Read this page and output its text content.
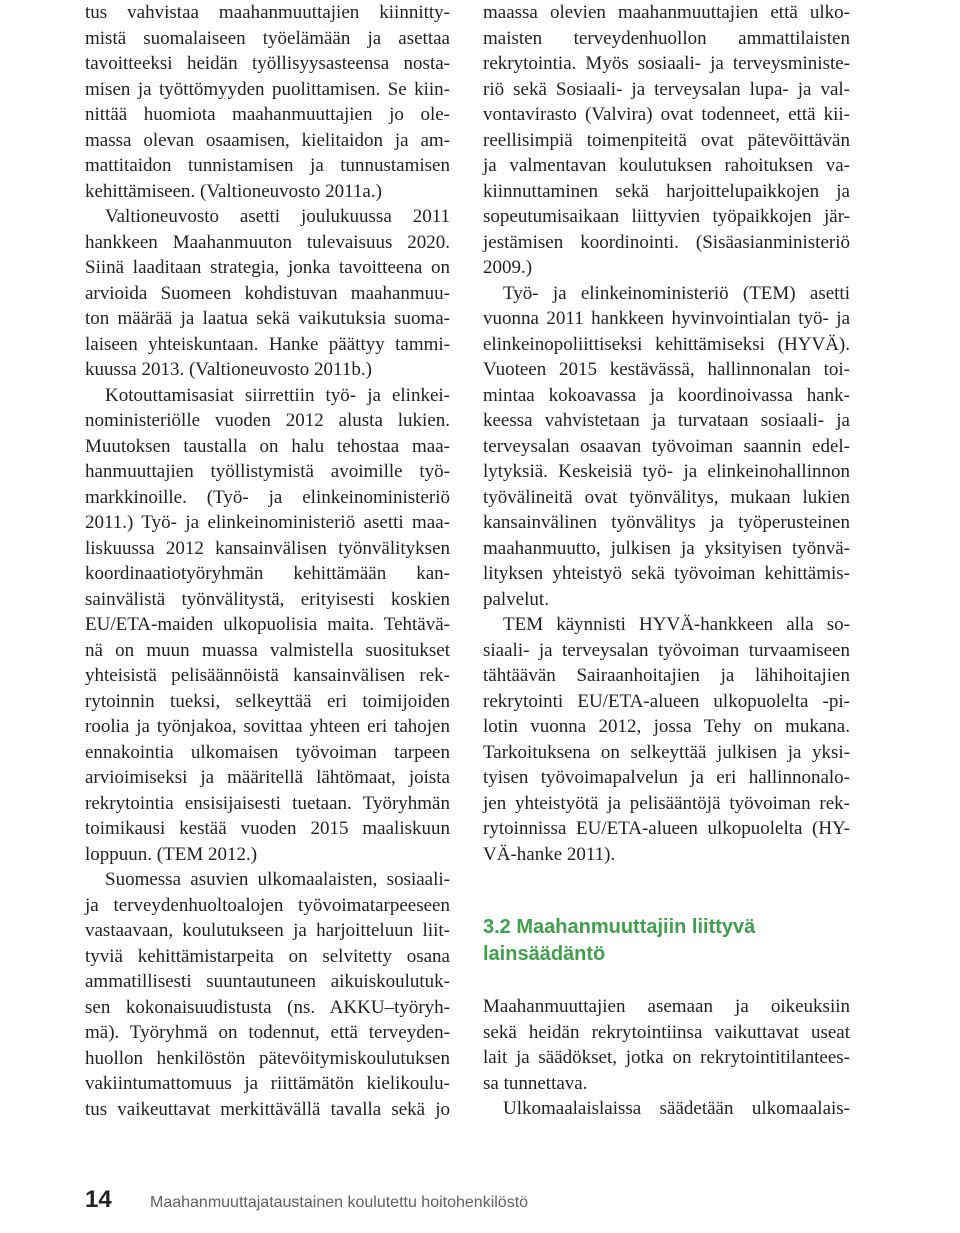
tus vahvistaa maahanmuuttajien kiinnitty-
mistä suomalaiseen työelämään ja asettaa
tavoitteeksi heidän työllisyysasteensa nosta-
misen ja työttömyyden puolittamisen. Se kiin-
nittää huomiota maahanmuuttajien jo ole-
massa olevan osaamisen, kielitaidon ja am-
mattitaidon tunnistamisen ja tunnustamisen
kehittämiseen. (Valtioneuvosto 2011a.)
Valtioneuvosto asetti joulukuussa 2011
hankkeen Maahanmuuton tulevaisuus 2020.
Siinä laaditaan strategia, jonka tavoitteena on
arvioida Suomeen kohdistuvan maahanmuu-
ton määrää ja laatua sekä vaikutuksia suoma-
laiseen yhteiskuntaan. Hanke päättyy tammi-
kuussa 2013. (Valtioneuvosto 2011b.)
Kotouttamisasiat siirrettiin työ- ja elinkei-
noministeriölle vuoden 2012 alusta lukien.
Muutoksen taustalla on halu tehostaa maa-
hanmuuttajien työllistymistä avoimille työ-
markkinoille. (Työ- ja elinkeinoministeriö
2011.) Työ- ja elinkeinoministeriö asetti maa-
liskuussa 2012 kansainvälisen työnvälityksen
koordinaatiotyöryhmän kehittämään kan-
sainvälistä työnvälitystä, erityisesti koskien
EU/ETA-maiden ulkopuolisia maita. Tehtävä-
nä on muun muassa valmistella suositukset
yhteisistä pelisäännöistä kansainvälisen rek-
rytoinnin tueksi, selkeyttää eri toimijoiden
roolia ja työnjakoa, sovittaa yhteen eri tahojen
ennakointia ulkomaisen työvoiman tarpeen
arvioimiseksi ja määritellä lähtömaat, joista
rekrytointia ensisijaisesti tuetaan. Työryhmän
toimikausi kestää vuoden 2015 maaliskuun
loppuun. (TEM 2012.)
Suomessa asuvien ulkomaalaisten, sosiaali-
ja terveydenhuoltoalojen työvoimatarpeeseen
vastaavaan, koulutukseen ja harjoitteluun liit-
tyviä kehittämistarpeita on selvitetty osana
ammatillisesti suuntautuneen aikuiskoulutuk-
sen kokonaisuudistusta (ns. AKKU–työryh-
mä). Työryhmä on todennut, että terveyden-
huollon henkilöstön pätevöitymiskoulutuksen
vakiintumattomuus ja riittämätön kielikoulu-
tus vaikeuttavat merkittävällä tavalla sekä jo
maassa olevien maahanmuuttajien että ulko-
maisten terveydenhuollon ammattilaisten
rekrytointia. Myös sosiaali- ja terveysministe-
riö sekä Sosiaali- ja terveysalan lupa- ja val-
vontavirasto (Valvira) ovat todenneet, että kii-
reellisimpiä toimenpiteitä ovat pätevöittävän
ja valmentavan koulutuksen rahoituksen va-
kiinnuttaminen sekä harjoittelupaikkojen ja
sopeutumisaikaan liittyvien työpaikkojen jär-
jestämisen koordinointi. (Sisäasianministeriö
2009.)
Työ- ja elinkeinoministeriö (TEM) asetti
vuonna 2011 hankkeen hyvinvointialan työ- ja
elinkeinopoliittiseksi kehittämiseksi (HYVÄ).
Vuoteen 2015 kestävässä, hallinnonalan toi-
mintaa kokoavassa ja koordinoivassa hank-
keessa vahvistetaan ja turvataan sosiaali- ja
terveysalan osaavan työvoiman saannin edel-
lytyksiä. Keskeisiä työ- ja elinkeinohallinnon
työvälineitä ovat työnvälitys, mukaan lukien
kansainvälinen työnvälitys ja työperusteinen
maahanmuutto, julkisen ja yksityisen työnvä-
lityksen yhteistyö sekä työvoiman kehittämis-
palvelut.
TEM käynnisti HYVÄ-hankkeen alla so-
siaali- ja terveysalan työvoiman turvaamiseen
tähtäävän Sairaanhoitajien ja lähihoitajien
rekrytointi EU/ETA-alueen ulkopuolelta -pi-
lotin vuonna 2012, jossa Tehy on mukana.
Tarkoituksena on selkeyttää julkisen ja yksi-
tyisen työvoimapalvelun ja eri hallinnonalo-
jen yhteistyötä ja pelisääntöjä työvoiman rek-
rytoinnissa EU/ETA-alueen ulkopuolelta (HY-
VÄ-hanke 2011).
3.2 Maahanmuuttajiin liittyvä
lainsäädäntö
Maahanmuuttajien asemaan ja oikeuksiin
sekä heidän rekrytointiinsa vaikuttavat useat
lait ja säädökset, jotka on rekrytointitilantees-
sa tunnettava.
Ulkomaalaislaissa säädetään ulkomaalais-
14	Maahanmuuttajataustainen koulutettu hoitohenkilöstö
